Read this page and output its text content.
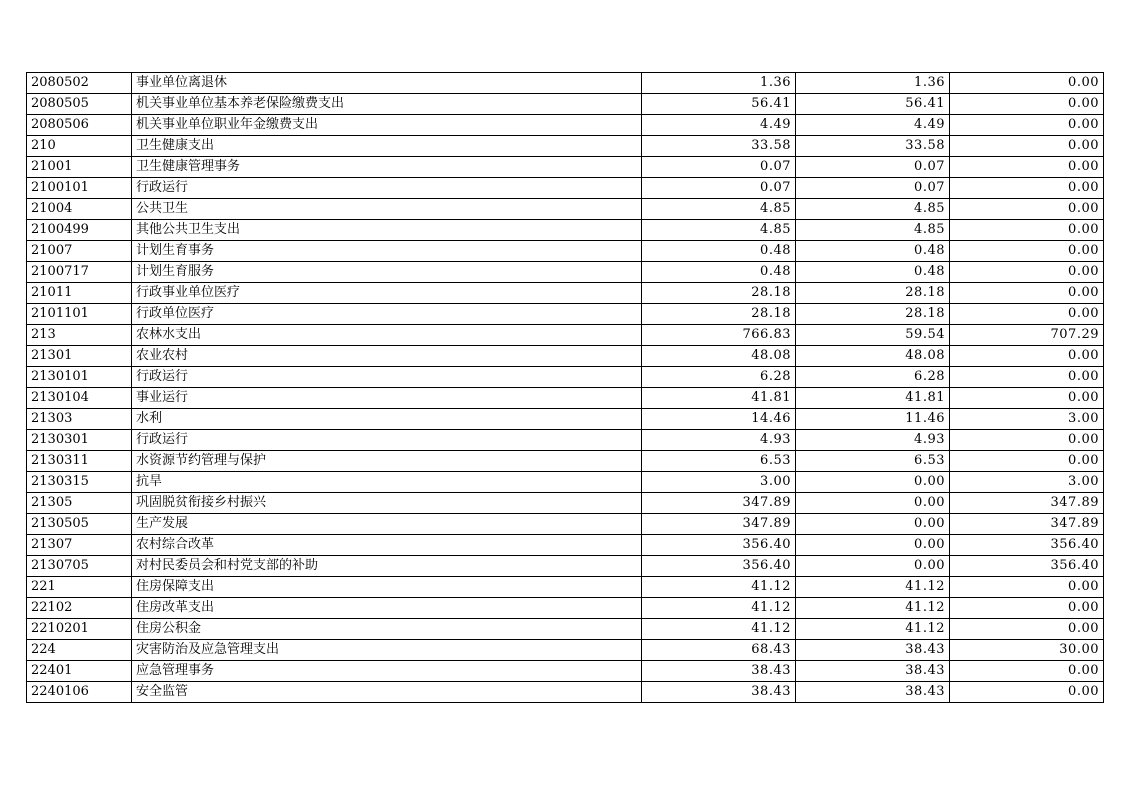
2080502	事业单位离退休	1.36	1.36	0.00
2080505	机关事业单位基本养老保险缴费支出	56.41	56.41	0.00
2080506	机关事业单位职业年金缴费支出	4.49	4.49	0.00
210	卫生健康支出	33.58	33.58	0.00
21001	卫生健康管理事务	0.07	0.07	0.00
2100101	行政运行	0.07	0.07	0.00
21004	公共卫生	4.85	4.85	0.00
2100499	其他公共卫生支出	4.85	4.85	0.00
21007	计划生育事务	0.48	0.48	0.00
2100717	计划生育服务	0.48	0.48	0.00
21011	行政事业单位医疗	28.18	28.18	0.00
2101101	行政单位医疗	28.18	28.18	0.00
213	农林水支出	766.83	59.54	707.29
21301	农业农村	48.08	48.08	0.00
2130101	行政运行	6.28	6.28	0.00
2130104	事业运行	41.81	41.81	0.00
21303	水利	14.46	11.46	3.00
2130301	行政运行	4.93	4.93	0.00
2130311	水资源节约管理与保护	6.53	6.53	0.00
2130315	抗旱	3.00	0.00	3.00
21305	巩固脱贫衔接乡村振兴	347.89	0.00	347.89
2130505	生产发展	347.89	0.00	347.89
21307	农村综合改革	356.40	0.00	356.40
2130705	对村民委员会和村党支部的补助	356.40	0.00	356.40
221	住房保障支出	41.12	41.12	0.00
22102	住房改革支出	41.12	41.12	0.00
2210201	住房公积金	41.12	41.12	0.00
224	灾害防治及应急管理支出	68.43	38.43	30.00
22401	应急管理事务	38.43	38.43	0.00
2240106	安全监管	38.43	38.43	0.00
